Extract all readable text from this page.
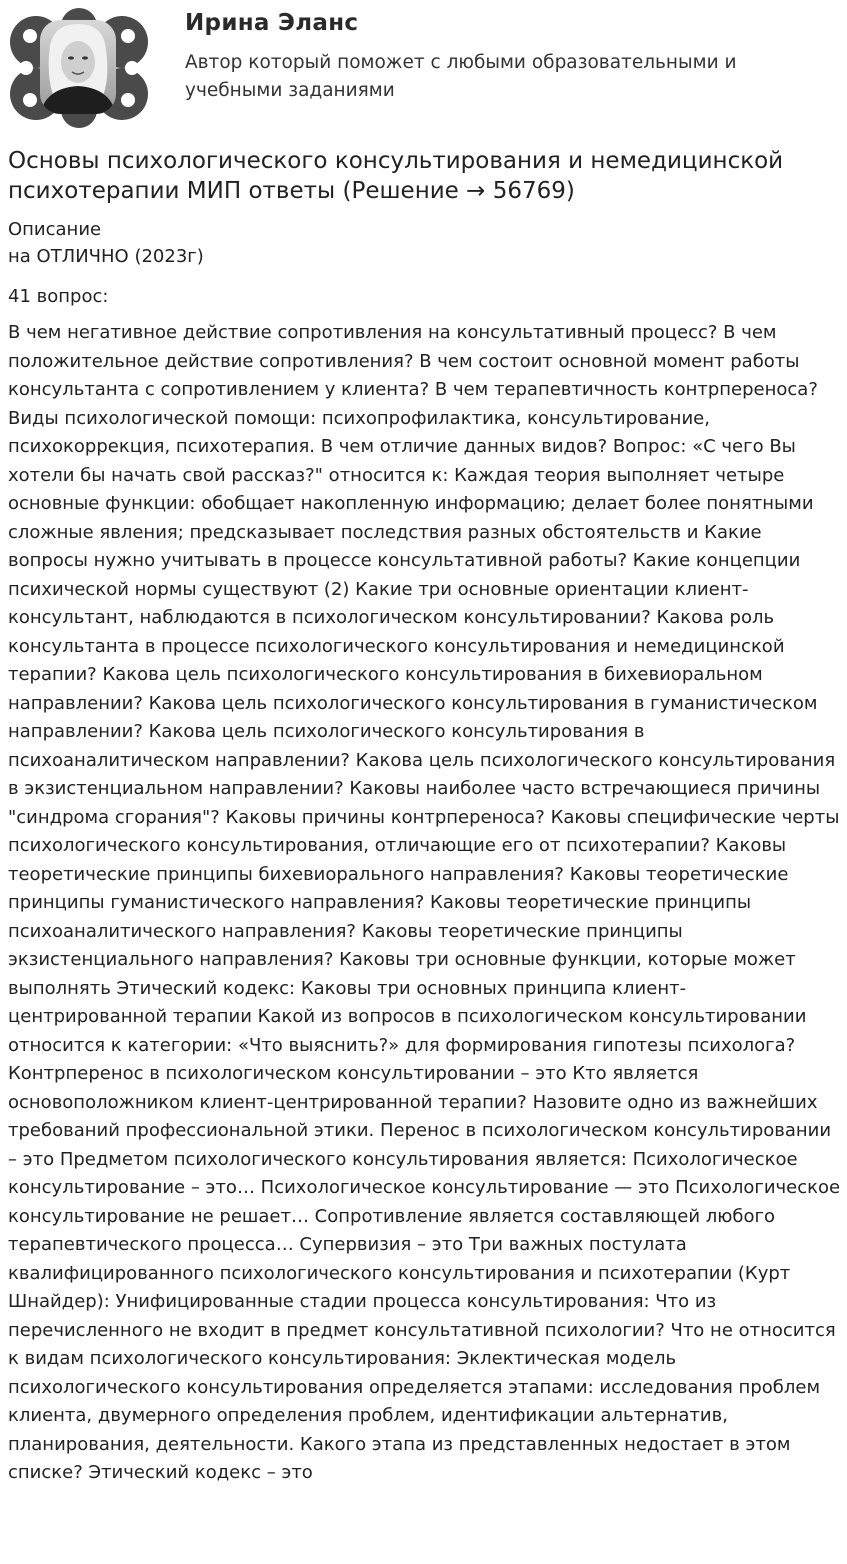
Ирина Эланс
Автор который поможет с любыми образовательными и учебными заданиями
Основы психологического консультирования и немедицинской психотерапии МИП ответы (Решение → 56769)
Описание
на ОТЛИЧНО (2023г)
41 вопрос:

В чем негативное действие сопротивления на консультативный процесс? В чем положительное действие сопротивления? В чем состоит основной момент работы консультанта с сопротивлением у клиента? В чем терапевтичность контрпереноса? Виды психологической помощи: психопрофилактика, консультирование, психокоррекция, психотерапия. В чем отличие данных видов? Вопрос: «С чего Вы хотели бы начать свой рассказ?" относится к: Каждая теория выполняет четыре основные функции: обобщает накопленную информацию; делает более понятными сложные явления; предсказывает последствия разных обстоятельств и Какие вопросы нужно учитывать в процессе консультативной работы? Какие концепции психической нормы существуют (2) Какие три основные ориентации клиент-консультант, наблюдаются в психологическом консультировании? Какова роль консультанта в процессе психологического консультирования и немедицинской терапии? Какова цель психологического консультирования в бихевиоральном направлении? Какова цель психологического консультирования в гуманистическом направлении? Какова цель психологического консультирования в психоаналитическом направлении? Какова цель психологического консультирования в экзистенциальном направлении? Каковы наиболее часто встречающиеся причины "синдрома сгорания"? Каковы причины контрпереноса? Каковы специфические черты психологического консультирования, отличающие его от психотерапии? Каковы теоретические принципы бихевиорального направления? Каковы теоретические принципы гуманистического направления? Каковы теоретические принципы психоаналитического направления? Каковы теоретические принципы экзистенциального направления? Каковы три основные функции, которые может выполнять Этический кодекс: Каковы три основных принципа клиент-центрированной терапии Какой из вопросов в психологическом консультировании относится к категории: «Что выяснить?» для формирования гипотезы психолога? Контрперенос в психологическом консультировании – это Кто является основоположником клиент-центрированной терапии? Назовите одно из важнейших требований профессиональной этики. Перенос в психологическом консультировании – это Предметом психологического консультирования является: Психологическое консультирование – это… Психологическое консультирование — это Психологическое консультирование не решает… Сопротивление является составляющей любого терапевтического процесса… Супервизия – это Три важных постулата квалифицированного психологического консультирования и психотерапии (Курт Шнайдер): Унифицированные стадии процесса консультирования: Что из перечисленного не входит в предмет консультативной психологии? Что не относится к видам психологического консультирования: Эклектическая модель психологического консультирования определяется этапами: исследования проблем клиента, двумерного определения проблем, идентификации альтернатив, планирования, деятельности. Какого этапа из представленных недостает в этом списке? Этический кодекс – это
